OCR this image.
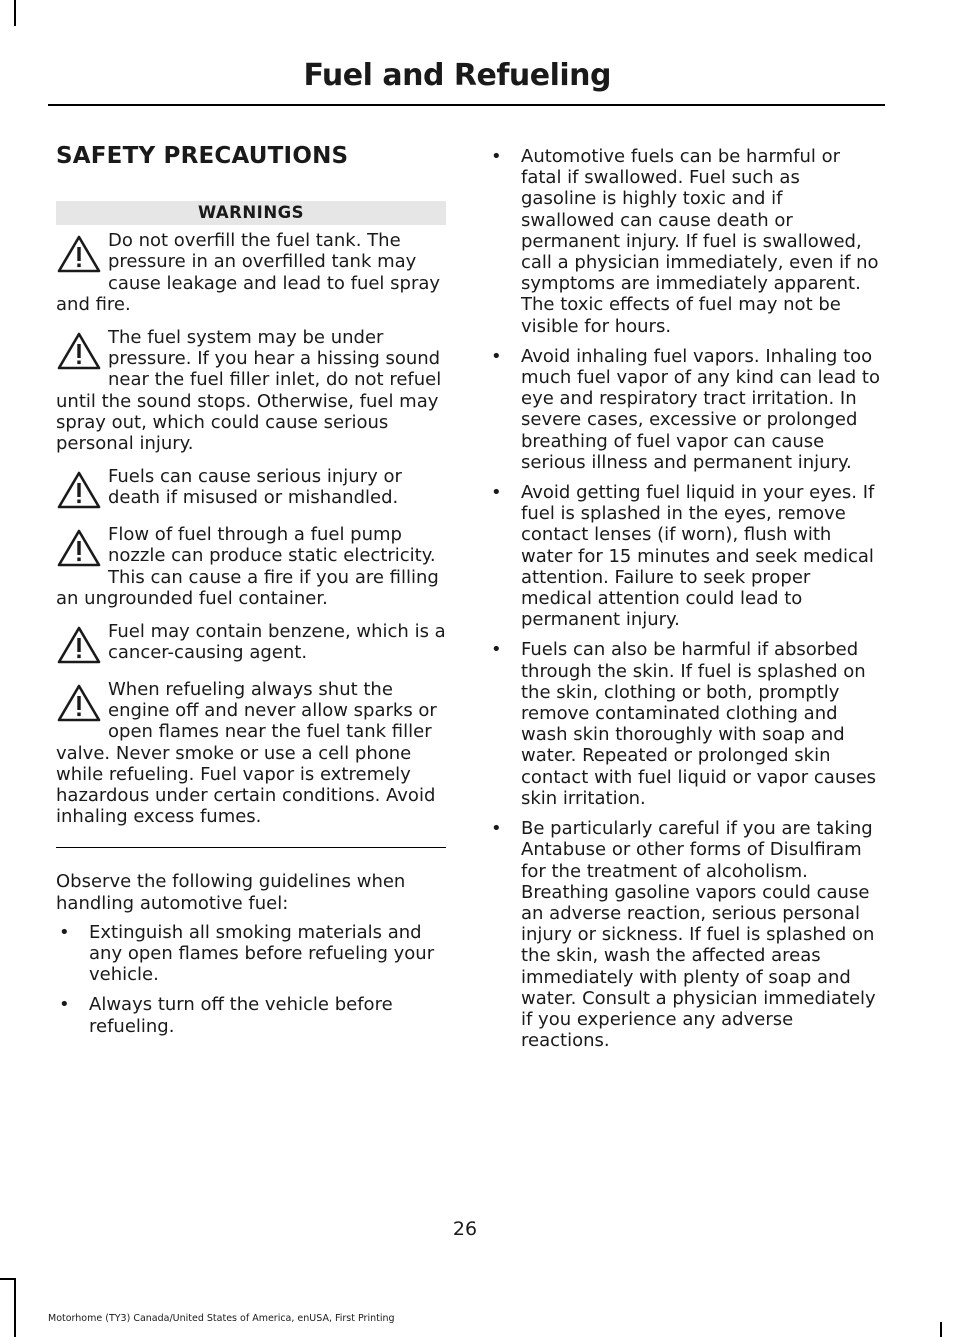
Fuel and Refueling
SAFETY PRECAUTIONS
WARNINGS
Do not overfill the fuel tank. The pressure in an overfilled tank may cause leakage and lead to fuel spray and fire.
The fuel system may be under pressure. If you hear a hissing sound near the fuel filler inlet, do not refuel until the sound stops. Otherwise, fuel may spray out, which could cause serious personal injury.
Fuels can cause serious injury or death if misused or mishandled.
Flow of fuel through a fuel pump nozzle can produce static electricity. This can cause a fire if you are filling an ungrounded fuel container.
Fuel may contain benzene, which is a cancer-causing agent.
When refueling always shut the engine off and never allow sparks or open flames near the fuel tank filler valve. Never smoke or use a cell phone while refueling. Fuel vapor is extremely hazardous under certain conditions. Avoid inhaling excess fumes.
Observe the following guidelines when handling automotive fuel:
• Extinguish all smoking materials and any open flames before refueling your vehicle.
• Always turn off the vehicle before refueling.
• Automotive fuels can be harmful or fatal if swallowed. Fuel such as gasoline is highly toxic and if swallowed can cause death or permanent injury. If fuel is swallowed, call a physician immediately, even if no symptoms are immediately apparent. The toxic effects of fuel may not be visible for hours.
• Avoid inhaling fuel vapors. Inhaling too much fuel vapor of any kind can lead to eye and respiratory tract irritation. In severe cases, excessive or prolonged breathing of fuel vapor can cause serious illness and permanent injury.
• Avoid getting fuel liquid in your eyes. If fuel is splashed in the eyes, remove contact lenses (if worn), flush with water for 15 minutes and seek medical attention. Failure to seek proper medical attention could lead to permanent injury.
• Fuels can also be harmful if absorbed through the skin. If fuel is splashed on the skin, clothing or both, promptly remove contaminated clothing and wash skin thoroughly with soap and water. Repeated or prolonged skin contact with fuel liquid or vapor causes skin irritation.
• Be particularly careful if you are taking Antabuse or other forms of Disulfiram for the treatment of alcoholism. Breathing gasoline vapors could cause an adverse reaction, serious personal injury or sickness. If fuel is splashed on the skin, wash the affected areas immediately with plenty of soap and water. Consult a physician immediately if you experience any adverse reactions.
26
Motorhome (TY3) Canada/United States of America, enUSA, First Printing
